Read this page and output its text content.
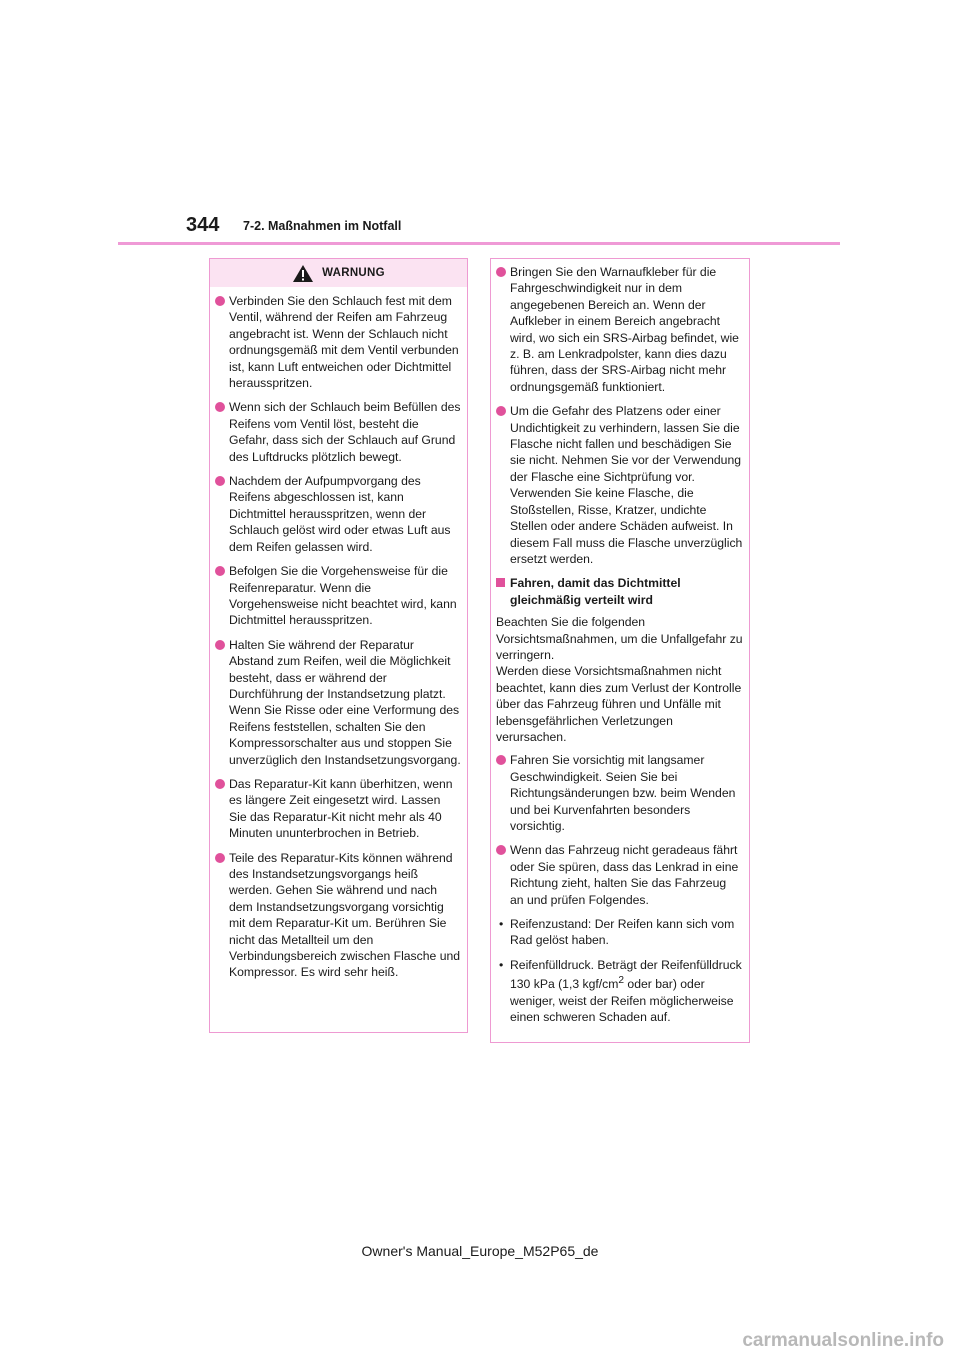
344 7-2. Maßnahmen im Notfall
WARNUNG
Verbinden Sie den Schlauch fest mit dem Ventil, während der Reifen am Fahrzeug angebracht ist. Wenn der Schlauch nicht ordnungsgemäß mit dem Ventil verbunden ist, kann Luft entweichen oder Dichtmittel herausspritzen.
Wenn sich der Schlauch beim Befüllen des Reifens vom Ventil löst, besteht die Gefahr, dass sich der Schlauch auf Grund des Luftdrucks plötzlich bewegt.
Nachdem der Aufpumpvorgang des Reifens abgeschlossen ist, kann Dichtmittel herausspritzen, wenn der Schlauch gelöst wird oder etwas Luft aus dem Reifen gelassen wird.
Befolgen Sie die Vorgehensweise für die Reifenreparatur. Wenn die Vorgehensweise nicht beachtet wird, kann Dichtmittel herausspritzen.
Halten Sie während der Reparatur Abstand zum Reifen, weil die Möglichkeit besteht, dass er während der Durchführung der Instandsetzung platzt. Wenn Sie Risse oder eine Verformung des Reifens feststellen, schalten Sie den Kompressorschalter aus und stoppen Sie unverzüglich den Instandsetzungsvorgang.
Das Reparatur-Kit kann überhitzen, wenn es längere Zeit eingesetzt wird. Lassen Sie das Reparatur-Kit nicht mehr als 40 Minuten ununterbrochen in Betrieb.
Teile des Reparatur-Kits können während des Instandsetzungsvorgangs heiß werden. Gehen Sie während und nach dem Instandsetzungsvorgang vorsichtig mit dem Reparatur-Kit um. Berühren Sie nicht das Metallteil um den Verbindungsbereich zwischen Flasche und Kompressor. Es wird sehr heiß.
Bringen Sie den Warnaufkleber für die Fahrgeschwindigkeit nur in dem angegebenen Bereich an. Wenn der Aufkleber in einem Bereich angebracht wird, wo sich ein SRS-Airbag befindet, wie z. B. am Lenkradpolster, kann dies dazu führen, dass der SRS-Airbag nicht mehr ordnungsgemäß funktioniert.
Um die Gefahr des Platzens oder einer Undichtigkeit zu verhindern, lassen Sie die Flasche nicht fallen und beschädigen Sie sie nicht. Nehmen Sie vor der Verwendung der Flasche eine Sichtprüfung vor. Verwenden Sie keine Flasche, die Stoßstellen, Risse, Kratzer, undichte Stellen oder andere Schäden aufweist. In diesem Fall muss die Flasche unverzüglich ersetzt werden.
Fahren, damit das Dichtmittel gleichmäßig verteilt wird

Beachten Sie die folgenden Vorsichtsmaßnahmen, um die Unfallgefahr zu verringern.

Werden diese Vorsichtsmaßnahmen nicht beachtet, kann dies zum Verlust der Kontrolle über das Fahrzeug führen und Unfälle mit lebensgefährlichen Verletzungen verursachen.

Fahren Sie vorsichtig mit langsamer Geschwindigkeit. Seien Sie bei Richtungsänderungen bzw. beim Wenden und bei Kurvenfahrten besonders vorsichtig.
Wenn das Fahrzeug nicht geradeaus fährt oder Sie spüren, dass das Lenkrad in eine Richtung zieht, halten Sie das Fahrzeug an und prüfen Folgendes.
• Reifenzustand: Der Reifen kann sich vom Rad gelöst haben.
• Reifenfülldruck. Beträgt der Reifenfülldruck 130 kPa (1,3 kgf/$cm^2$ oder bar) oder weniger, weist der Reifen möglicherweise einen schweren Schaden auf.
Owner's Manual_Europe_M52P65_de
carmanualsonline.info
